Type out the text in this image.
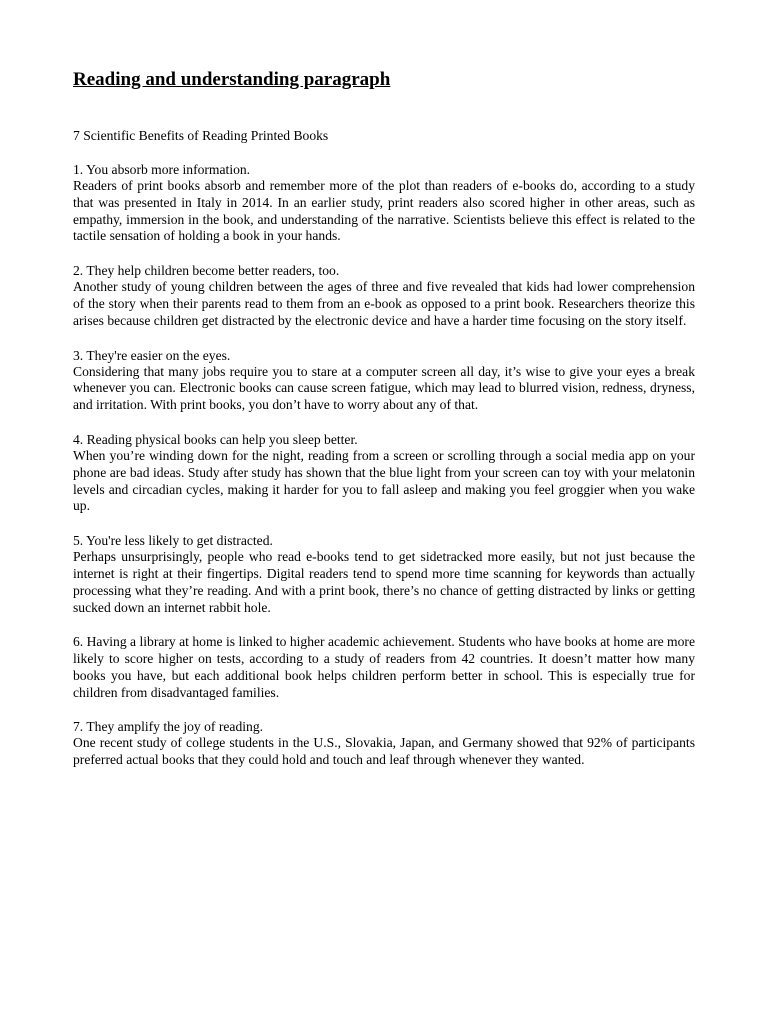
Reading and understanding paragraph

7 Scientific Benefits of Reading Printed Books

1. You absorb more information.

Readers of print books absorb and remember more of the plot than readers of e-books do, according to a study that was presented in Italy in 2014. In an earlier study, print readers also scored higher in other areas, such as empathy, immersion in the book, and understanding of the narrative. Scientists believe this effect is related to the tactile sensation of holding a book in your hands.

2. They help children become better readers, too.

Another study of young children between the ages of three and five revealed that kids had lower comprehension of the story when their parents read to them from an e-book as opposed to a print book. Researchers theorize this arises because children get distracted by the electronic device and have a harder time focusing on the story itself.

3. They're easier on the eyes.

Considering that many jobs require you to stare at a computer screen all day, it’s wise to give your eyes a break whenever you can. Electronic books can cause screen fatigue, which may lead to blurred vision, redness, dryness, and irritation. With print books, you don’t have to worry about any of that.

4. Reading physical books can help you sleep better.

When you’re winding down for the night, reading from a screen or scrolling through a social media app on your phone are bad ideas. Study after study has shown that the blue light from your screen can toy with your melatonin levels and circadian cycles, making it harder for you to fall asleep and making you feel groggier when you wake up.

5. You're less likely to get distracted.

Perhaps unsurprisingly, people who read e-books tend to get sidetracked more easily, but not just because the internet is right at their fingertips. Digital readers tend to spend more time scanning for keywords than actually processing what they’re reading. And with a print book, there’s no chance of getting distracted by links or getting sucked down an internet rabbit hole.

6. Having a library at home is linked to higher academic achievement. Students who have books at home are more likely to score higher on tests, according to a study of readers from 42 countries. It doesn’t matter how many books you have, but each additional book helps children perform better in school. This is especially true for children from disadvantaged families.

7. They amplify the joy of reading.

One recent study of college students in the U.S., Slovakia, Japan, and Germany showed that 92% of participants preferred actual books that they could hold and touch and leaf through whenever they wanted.
